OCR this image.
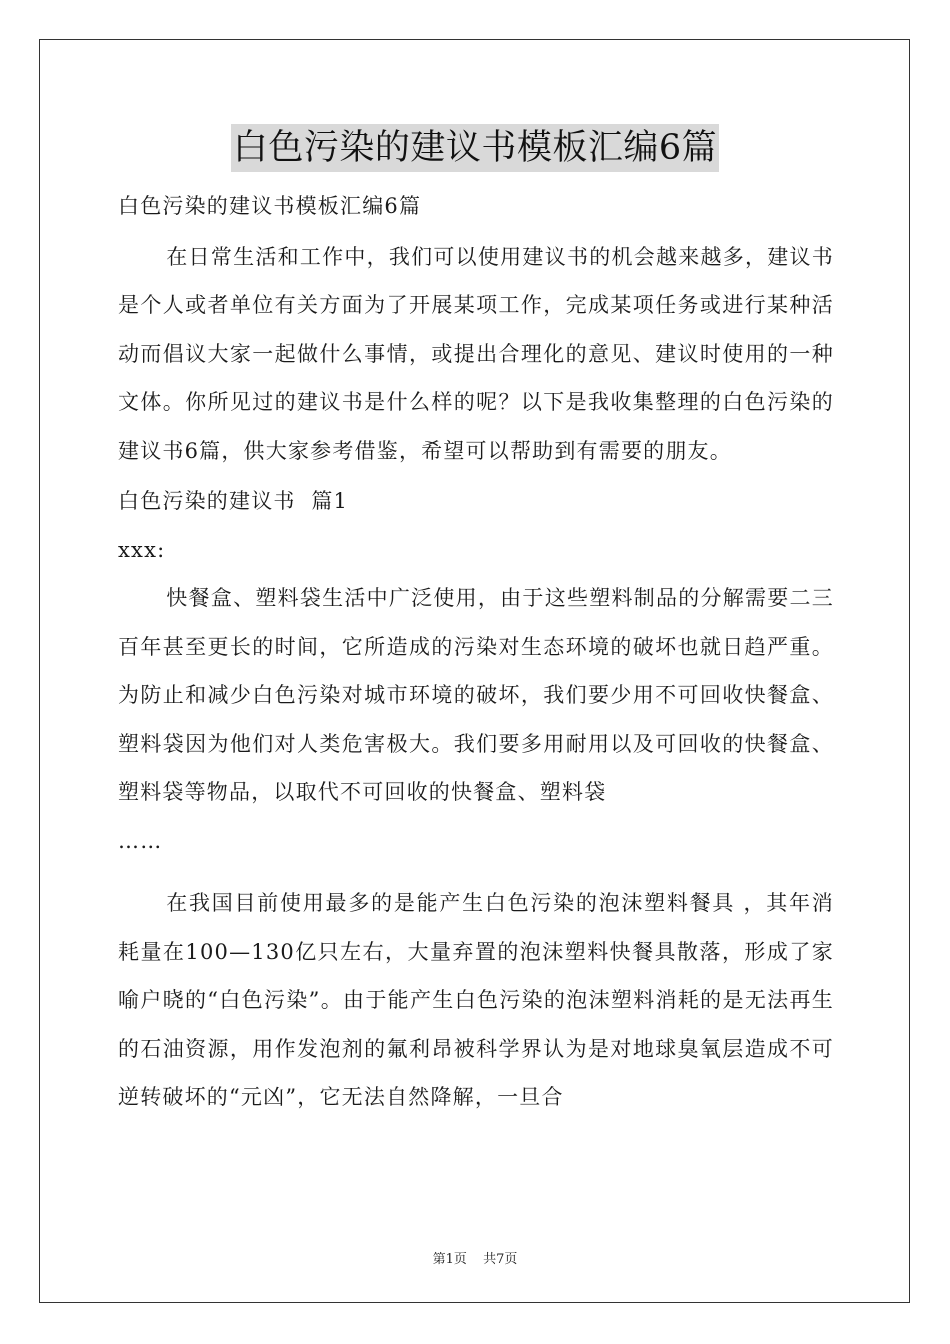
白色污染的建议书模板汇编6篇

白色污染的建议书模板汇编6篇

在日常生活和工作中，我们可以使用建议书的机会越来越多，建议书是个人或者单位有关方面为了开展某项工作，完成某项任务或进行某种活动而倡议大家一起做什么事情，或提出合理化的意见、建议时使用的一种文体。你所见过的建议书是什么样的呢？以下是我收集整理的白色污染的建议书6篇，供大家参考借鉴，希望可以帮助到有需要的朋友。

白色污染的建议书  篇1

xxx:

快餐盒、塑料袋生活中广泛使用，由于这些塑料制品的分解需要二三百年甚至更长的时间，它所造成的污染对生态环境的破坏也就日趋严重。为防止和减少白色污染对城市环境的破坏，我们要少用不可回收快餐盒、塑料袋因为他们对人类危害极大。我们要多用耐用以及可回收的快餐盒、塑料袋等物品，以取代不可回收的快餐盒、塑料袋

……

在我国目前使用最多的是能产生白色污染的泡沫塑料餐具 ，其年消耗量在100—130亿只左右，大量弃置的泡沫塑料快餐具散落，形成了家喻户晓的“白色污染”。由于能产生白色污染的泡沫塑料消耗的是无法再生的石油资源，用作发泡剂的氟利昂被科学界认为是对地球臭氧层造成不可逆转破坏的“元凶”，它无法自然降解，一旦合

第1页 共7页
